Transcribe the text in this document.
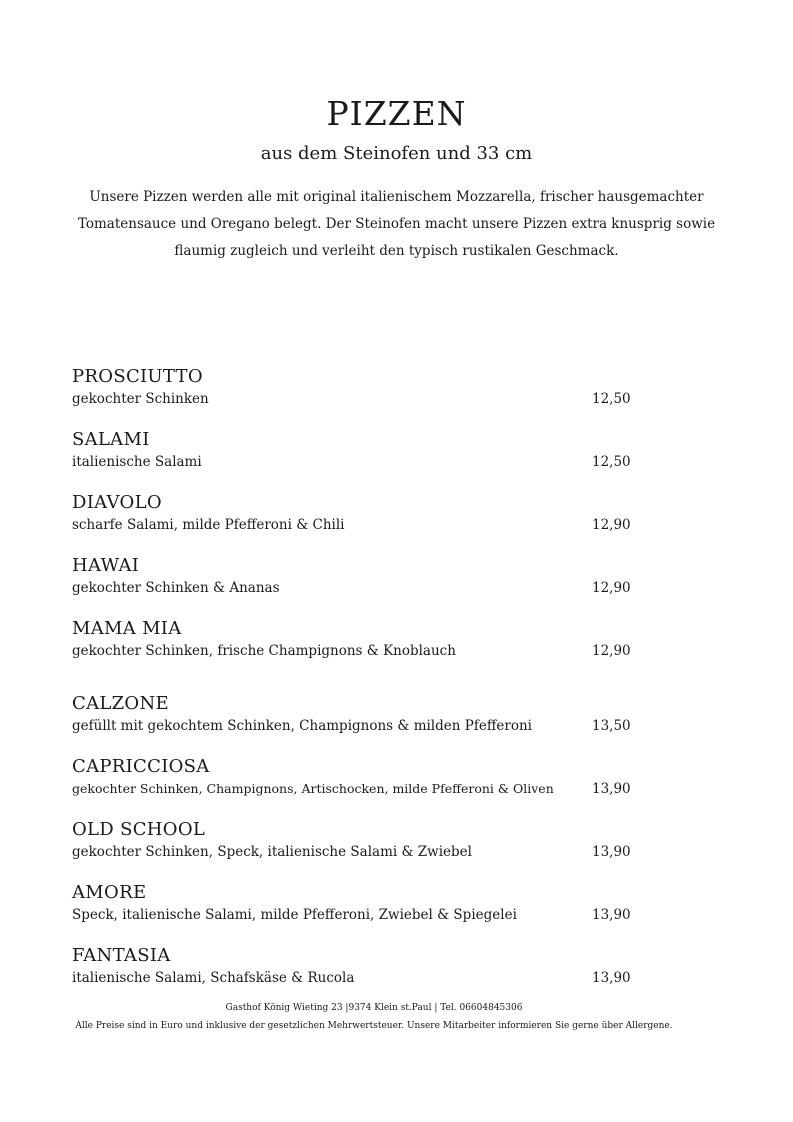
PIZZEN
aus dem Steinofen und 33 cm
Unsere Pizzen werden alle mit original italienischem Mozzarella, frischer hausgemachter Tomatensauce und Oregano belegt. Der Steinofen macht unsere Pizzen extra knusprig sowie flaumig zugleich und verleiht den typisch rustikalen Geschmack.
PROSCIUTTO
gekochter Schinken	12,50
SALAMI
italienische Salami	12,50
DIAVOLO
scharfe Salami, milde Pfefferoni & Chili	12,90
HAWAI
gekochter Schinken & Ananas	12,90
MAMA MIA
gekochter Schinken, frische Champignons & Knoblauch	12,90
CALZONE
gefüllt mit gekochtem Schinken, Champignons & milden Pfefferoni	13,50
CAPRICCIOSA
gekochter Schinken, Champignons, Artischocken, milde Pfefferoni & Oliven	13,90
OLD SCHOOL
gekochter Schinken, Speck, italienische Salami & Zwiebel	13,90
AMORE
Speck, italienische Salami, milde Pfefferoni, Zwiebel & Spiegelei	13,90
FANTASIA
italienische Salami, Schafskäse & Rucola	13,90
Gasthof König Wieting 23 |9374 Klein st.Paul | Tel. 06604845306
Alle Preise sind in Euro und inklusive der gesetzlichen Mehrwertsteuer. Unsere Mitarbeiter informieren Sie gerne über Allergene.
